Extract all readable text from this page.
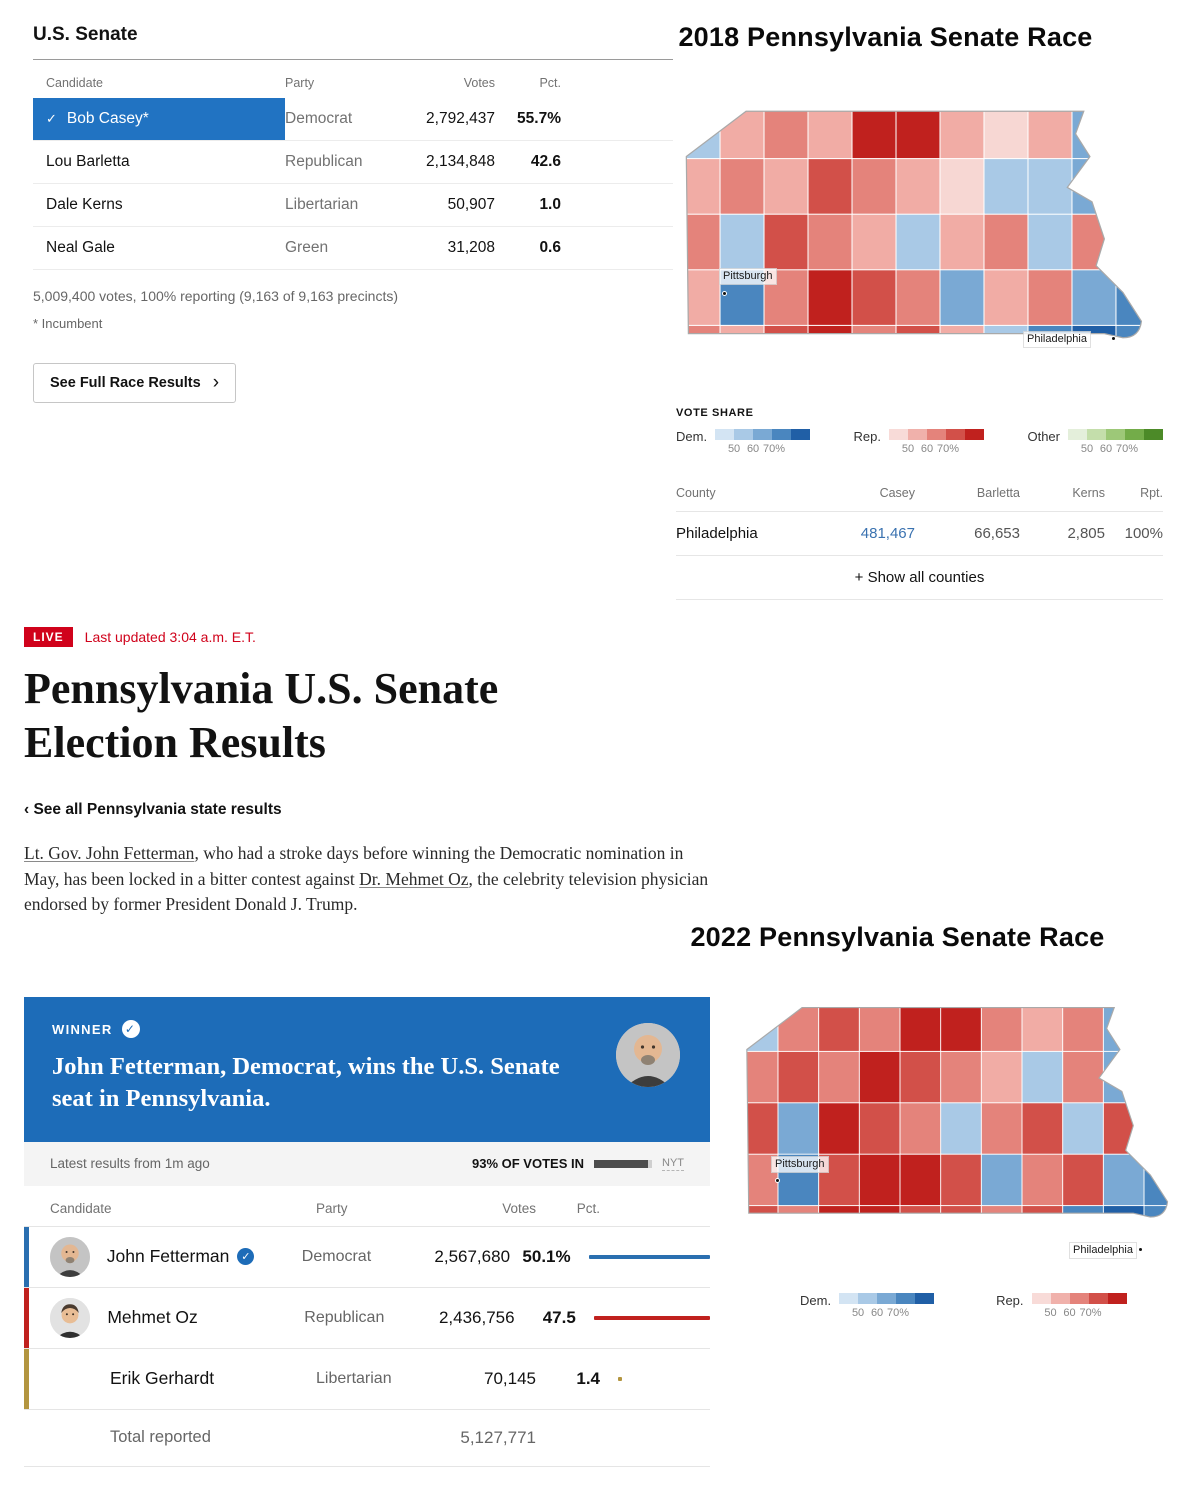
U.S. Senate
Candidate	Party	Votes	Pct.
✓ Bob Casey*	Democrat	2,792,437	55.7%
Lou Barletta	Republican	2,134,848	42.6
Dale Kerns	Libertarian	50,907	1.0
Neal Gale	Green	31,208	0.6

5,009,400 votes, 100% reporting (9,163 of 9,163 precincts)

* Incumbent

See Full Race Results ›
2018 Pennsylvania Senate Race
2022 Pennsylvania Senate Race
Pittsburgh
Philadelphia
VOTE SHARE
Dem.
50 60 70%
Rep.
50 60 70%
Other
50 60 70%
County	Casey	Barletta	Kerns	Rpt.
Philadelphia	481,467	66,653	2,805	100%
+ Show all counties
LIVE	Last updated 3:04 a.m. E.T.
Pennsylvania U.S. Senate Election Results
‹ See all Pennsylvania state results

Lt. Gov. John Fetterman, who had a stroke days before winning the Democratic nomination in May, has been locked in a bitter contest against Dr. Mehmet Oz, the celebrity television physician endorsed by former President Donald J. Trump.

WINNER ✓
John Fetterman, Democrat, wins the U.S. Senate seat in Pennsylvania.
Latest results from 1m ago	93% OF VOTES IN	NYT
Candidate	Party	Votes	Pct.
John Fetterman	✓	Democrat	2,567,680 50.1%
Mehmet Oz	Republican	2,436,756	47.5
Erik Gerhardt	Libertarian	70,145	1.4
Total reported	5,127,771
Pittsburgh
Philadelphia
Dem.
50 60 70%
Rep.
50 60 70%
